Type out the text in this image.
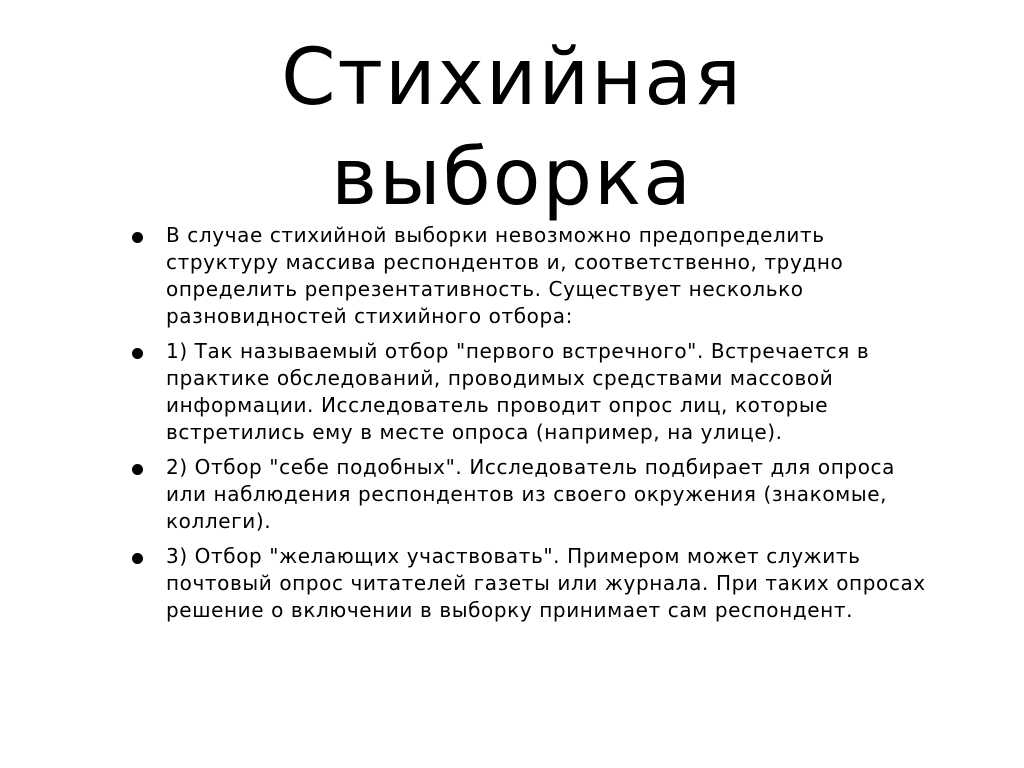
Стихийная
выборка
В случае стихийной выборки невозможно предопределить структуру массива респондентов и, соответственно, трудно определить репрезентативность. Существует несколько разновидностей стихийного отбора:
1) Так называемый отбор "первого встречного". Встречается в практике обследований, проводимых средствами массовой информации. Исследователь проводит опрос лиц, которые встретились ему в месте опроса (например, на улице).
2) Отбор "себе подобных". Исследователь подбирает для опроса или наблюдения респондентов из своего окружения (знакомые, коллеги).
3) Отбор "желающих участвовать". Примером может служить почтовый опрос читателей газеты или журнала. При таких опросах решение о включении в выборку принимает сам респондент.
